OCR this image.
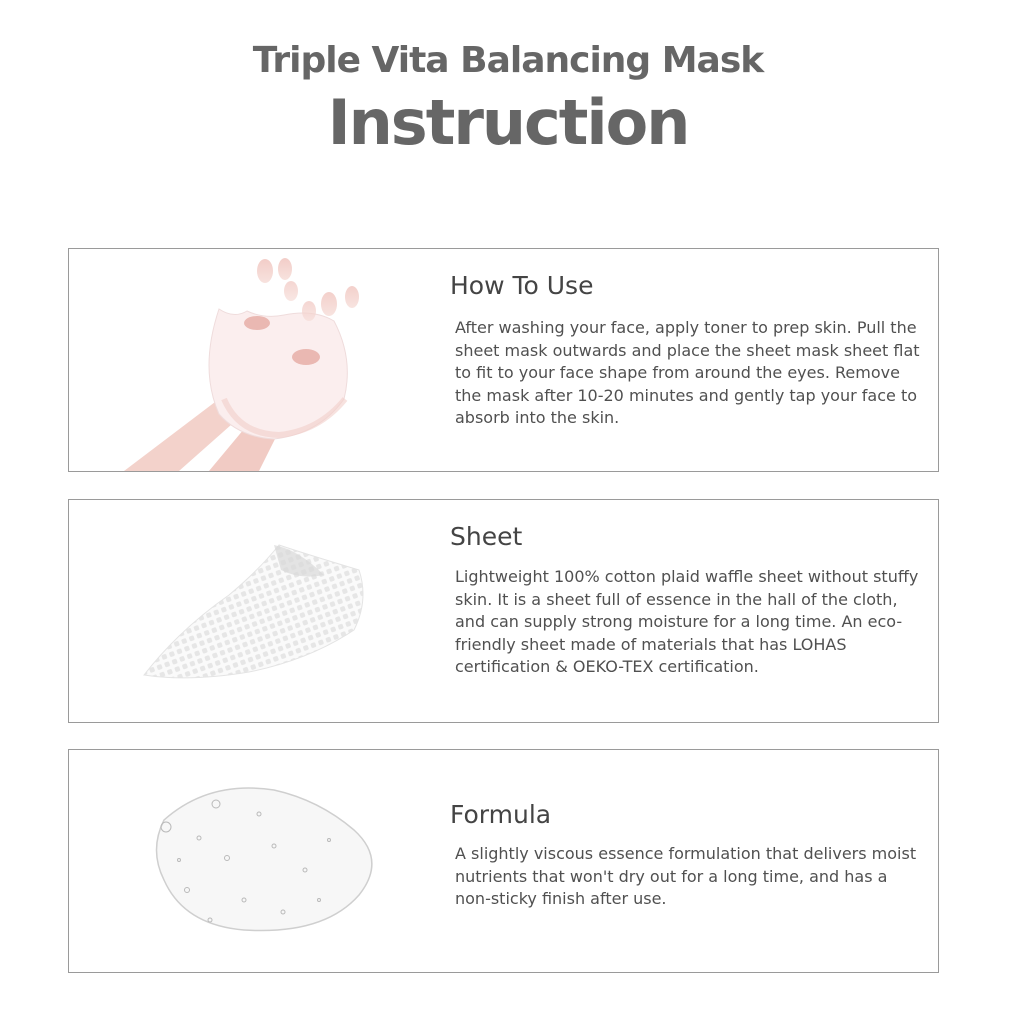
Triple Vita Balancing Mask
Instruction
How To Use

After washing your face, apply toner to prep skin. Pull the sheet mask outwards and place the sheet mask sheet flat to fit to your face shape from around the eyes. Remove the mask after 10-20 minutes and gently tap your face to absorb into the skin.

Sheet

Lightweight 100% cotton plaid waffle sheet without stuffy skin. It is a sheet full of essence in the hall of the cloth, and can supply strong moisture for a long time. An eco-friendly sheet made of materials that has LOHAS certification & OEKO-TEX certification.

Formula

A slightly viscous essence formulation that delivers moist nutrients that won't dry out for a long time, and has a non-sticky finish after use.
